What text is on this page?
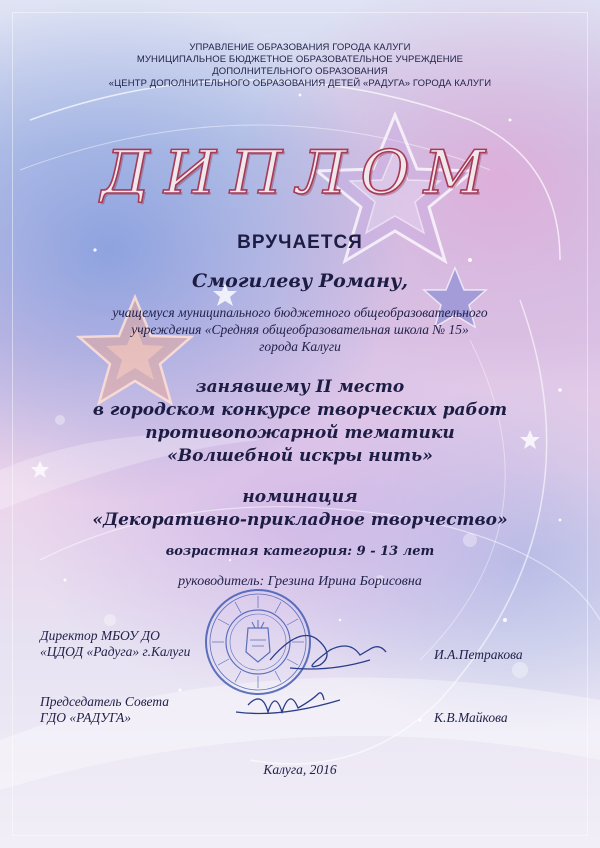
УПРАВЛЕНИЕ ОБРАЗОВАНИЯ ГОРОДА КАЛУГИ
МУНИЦИПАЛЬНОЕ БЮДЖЕТНОЕ ОБРАЗОВАТЕЛЬНОЕ УЧРЕЖДЕНИЕ
ДОПОЛНИТЕЛЬНОГО ОБРАЗОВАНИЯ
«ЦЕНТР ДОПОЛНИТЕЛЬНОГО ОБРАЗОВАНИЯ ДЕТЕЙ «РАДУГА» ГОРОДА КАЛУГИ
ДИПЛОМ
ВРУЧАЕТСЯ
Смогилеву Роману,
учащемуся муниципального бюджетного общеобразовательного
учреждения «Средняя общеобразовательная школа № 15»
города Калуги
занявшему II место
в городском конкурсе творческих работ
противопожарной тематики
«Волшебной искры нить»
номинация
«Декоративно-прикладное творчество»
возрастная категория: 9 - 13 лет
руководитель: Грезина Ирина Борисовна
Директор МБОУ ДО
«ЦДОД «Радуга» г.Калуги	И.А.Петракова
Председатель Совета
ГДО «РАДУГА»	К.В.Майкова
Калуга, 2016
